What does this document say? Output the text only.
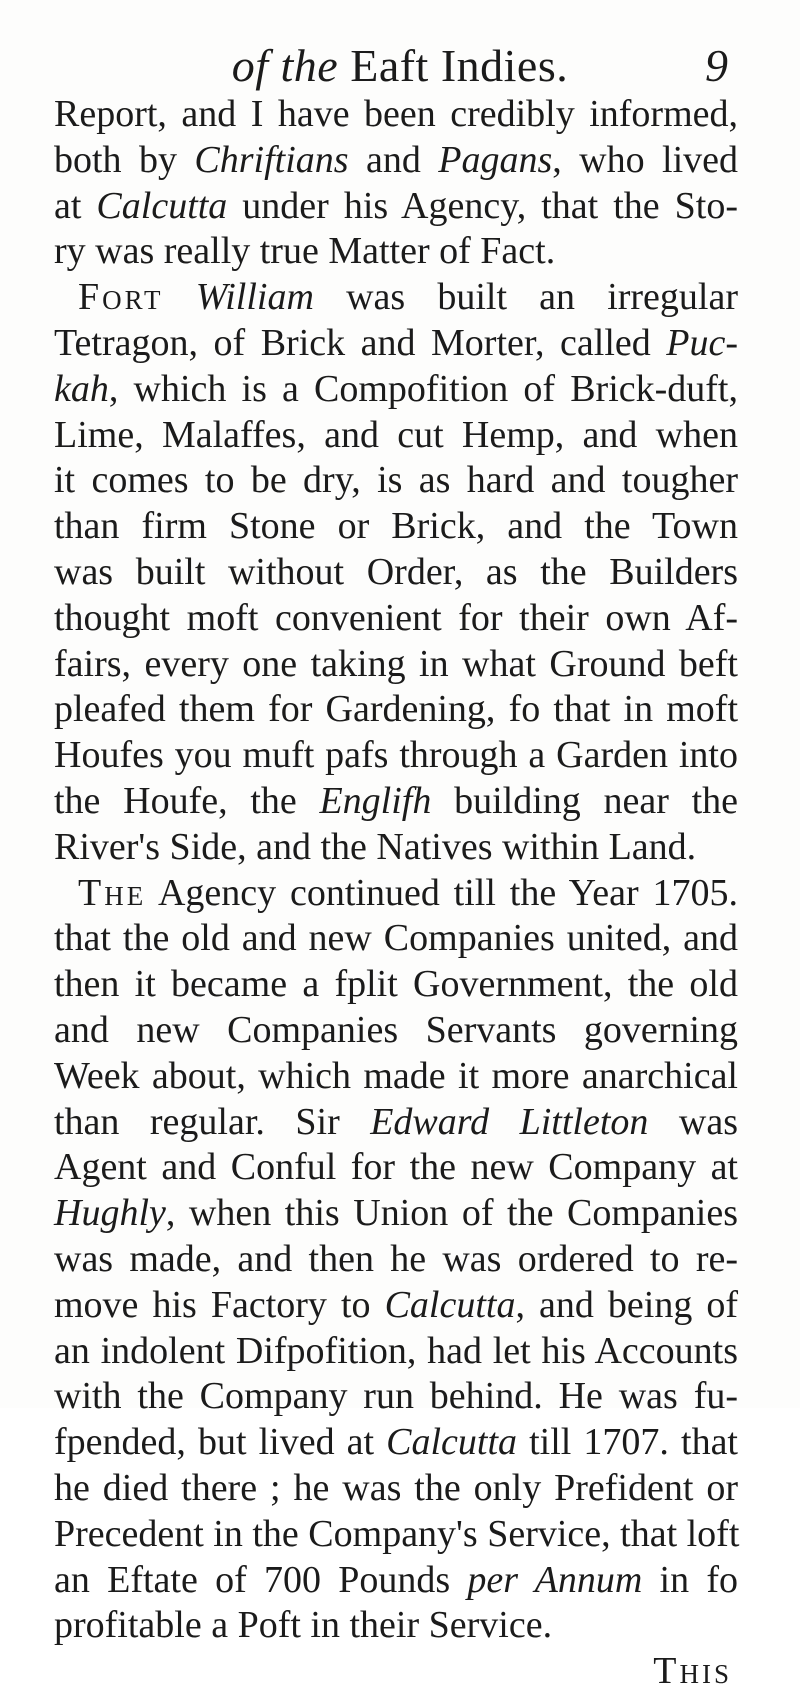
of the Eaft Indies.	9
Report, and I have been credibly informed,
both by Chriftians and Pagans, who lived
at Calcutta under his Agency, that the Sto-
ry was really true Matter of Fact.
Fort William was built an irregular
Tetragon, of Brick and Morter, called Puc-
kah, which is a Compofition of Brick-duft,
Lime, Malaffes, and cut Hemp, and when
it comes to be dry, is as hard and tougher
than firm Stone or Brick, and the Town
was built without Order, as the Builders
thought moft convenient for their own Af-
fairs, every one taking in what Ground beft
pleafed them for Gardening, fo that in moft
Houfes you muft pafs through a Garden into
the Houfe, the Englifh building near the
River's Side, and the Natives within Land.
The Agency continued till the Year 1705.
that the old and new Companies united, and
then it became a fplit Government, the old
and new Companies Servants governing
Week about, which made it more anarchical
than regular. Sir Edward Littleton was
Agent and Conful for the new Company at
Hughly, when this Union of the Companies
was made, and then he was ordered to re-
move his Factory to Calcutta, and being of
an indolent Difpofition, had let his Accounts
with the Company run behind. He was fu-
fpended, but lived at Calcutta till 1707. that
he died there ; he was the only Prefident or
Precedent in the Company's Service, that loft
an Eftate of 700 Pounds per Annum in fo
profitable a Poft in their Service.
This
